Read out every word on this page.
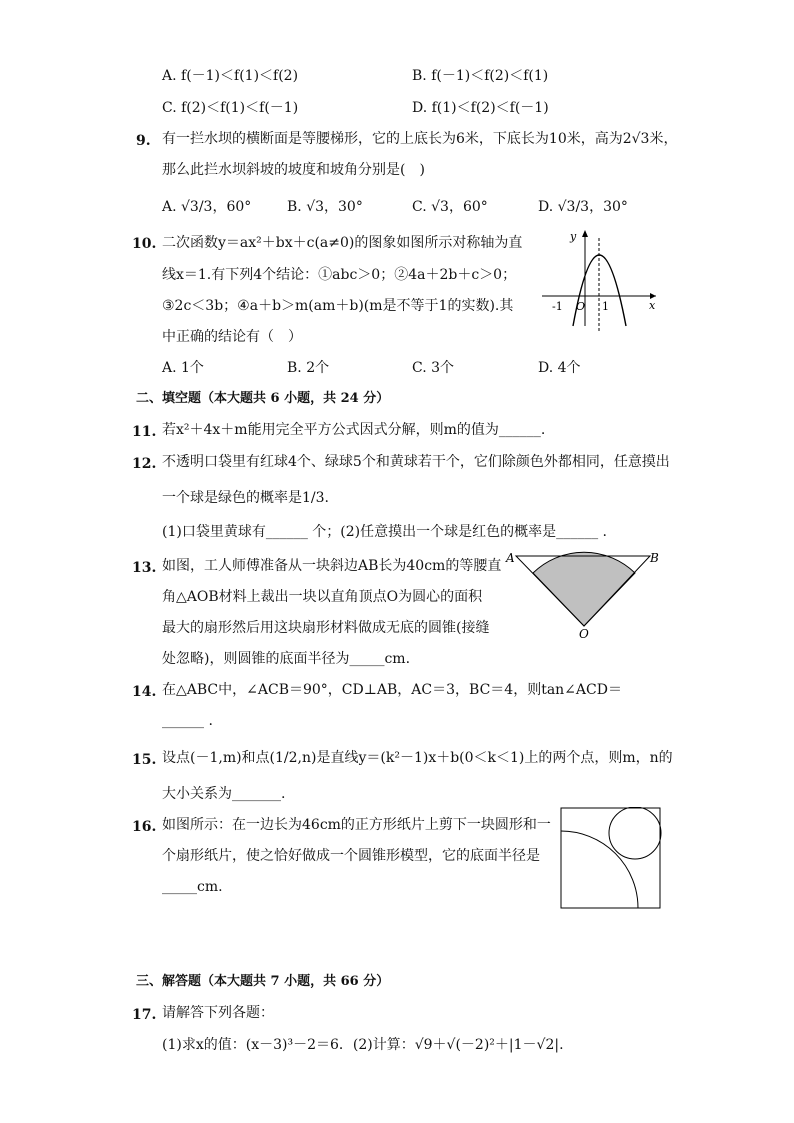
A. f(－1)＜f(1)＜f(2)	B. f(－1)＜f(2)＜f(1)
C. f(2)＜f(1)＜f(－1)	D. f(1)＜f(2)＜f(－1)
9. 有一拦水坝的横断面是等腰梯形，它的上底长为6米，下底长为10米，高为2√3米，
那么此拦水坝斜坡的坡度和坡角分别是(　)
A. √3/3，60°	B. √3，30°	C. √3，60°	D. √3/3，30°
10. 二次函数y＝ax²＋bx＋c(a≠0)的图象如图所示对称轴为直
线x＝1.有下列4个结论：①abc＞0；②4a＋2b＋c＞0；
③2c＜3b；④a＋b＞m(am＋b)(m是不等于1的实数).其
中正确的结论有（　）
A. 1个	B. 2个	C. 3个	D. 4个
y
x
O
-1	1
二、填空题（本大题共 6 小题，共 24 分）
11. 若x²＋4x＋m能用完全平方公式因式分解，则m的值为______.
12. 不透明口袋里有红球4个、绿球5个和黄球若干个，它们除颜色外都相同，任意摸出
一个球是绿色的概率是1/3.
(1)口袋里黄球有______ 个；(2)任意摸出一个球是红色的概率是______ .
13. 如图，工人师傅准备从一块斜边AB长为40cm的等腰直
角△AOB材料上裁出一块以直角顶点O为圆心的面积
最大的扇形然后用这块扇形材料做成无底的圆锥(接缝
处忽略)，则圆锥的底面半径为_____cm.
A	B
O
14. 在△ABC中，∠ACB＝90°，CD⊥AB，AC＝3，BC＝4，则tan∠ACD＝
______ .
15. 设点(－1,m)和点(1/2,n)是直线y＝(k²－1)x＋b(0＜k＜1)上的两个点，则m，n的
大小关系为_______.
16. 如图所示：在一边长为46cm的正方形纸片上剪下一块圆形和一
个扇形纸片，使之恰好做成一个圆锥形模型，它的底面半径是
_____cm.
三、解答题（本大题共 7 小题，共 66 分）
17. 请解答下列各题：
(1)求x的值：(x－3)³－2＝6．(2)计算：√9＋√(－2)²＋|1－√2|.
